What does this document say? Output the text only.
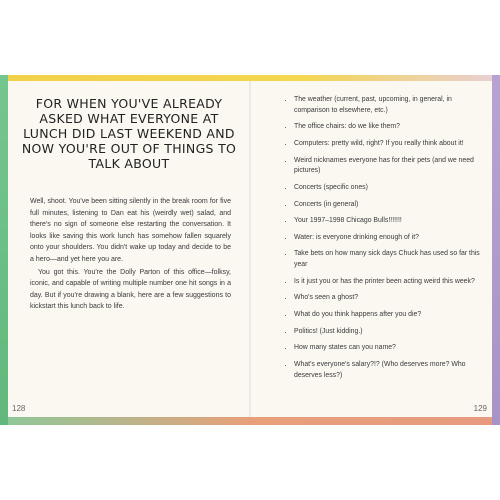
FOR WHEN YOU'VE ALREADY ASKED WHAT EVERYONE AT LUNCH DID LAST WEEKEND AND NOW YOU'RE OUT OF THINGS TO TALK ABOUT

Well, shoot. You've been sitting silently in the break room for five full minutes, listening to Dan eat his (weirdly wet) salad, and there's no sign of someone else restarting the conversation. It looks like saving this work lunch has somehow fallen squarely onto your shoulders. You didn't wake up today and decide to be a hero—and yet here you are.

You got this. You're the Dolly Parton of this office—folksy, iconic, and capable of writing multiple number one hit songs in a day. But if you're drawing a blank, here are a few suggestions to kickstart this lunch back to life.

128
• The weather (current, past, upcoming, in general, in comparison to elsewhere, etc.)
• The office chairs: do we like them?
• Computers: pretty wild, right? If you really think about it!
• Weird nicknames everyone has for their pets (and we need pictures)
• Concerts (specific ones)
• Concerts (in general)
• Your 1997–1998 Chicago Bulls!!!!!!!
• Water: is everyone drinking enough of it?
• Take bets on how many sick days Chuck has used so far this year
• Is it just you or has the printer been acting weird this week?
• Who's seen a ghost?
• What do you think happens after you die?
• Politics! (Just kidding.)
• How many states can you name?
• What's everyone's salary?!? (Who deserves more? Who deserves less?)
129
